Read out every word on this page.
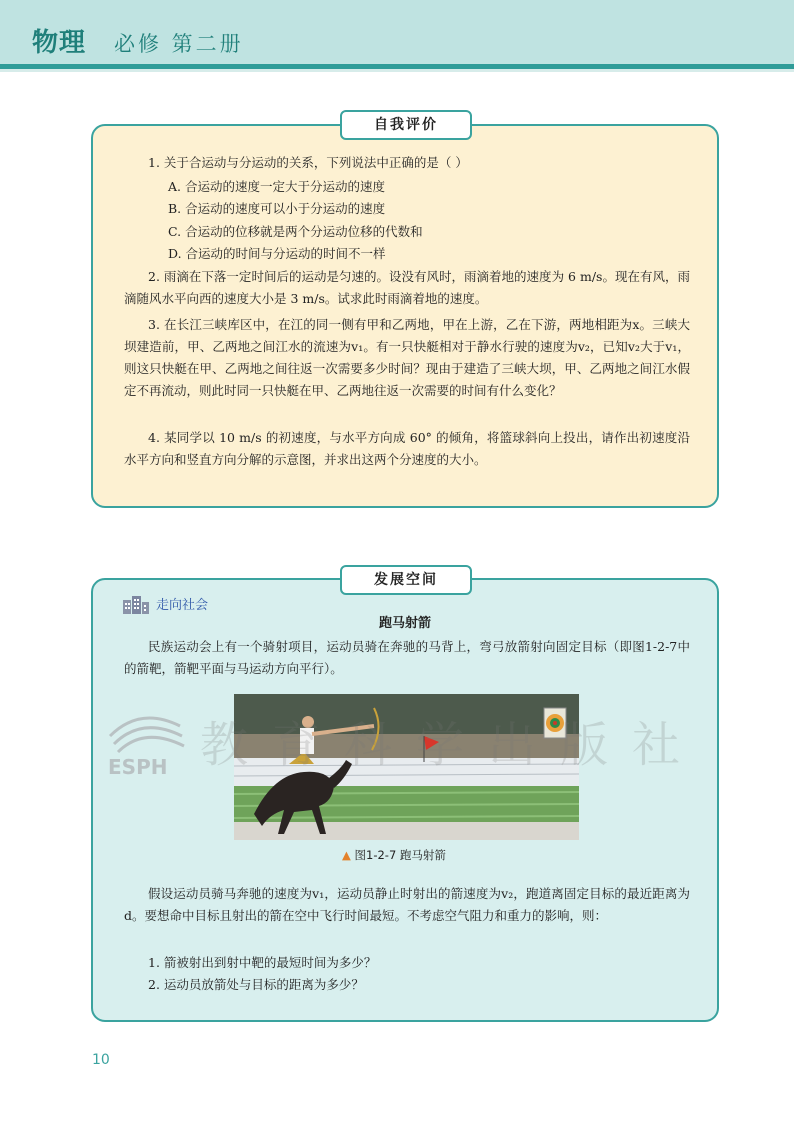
物理 必修 第二册
自我评价
1. 关于合运动与分运动的关系，下列说法中正确的是（ ）
A. 合运动的速度一定大于分运动的速度
B. 合运动的速度可以小于分运动的速度
C. 合运动的位移就是两个分运动位移的代数和
D. 合运动的时间与分运动的时间不一样
2. 雨滴在下落一定时间后的运动是匀速的。设没有风时，雨滴着地的速度为 6 m/s。现在有风，雨滴随风水平向西的速度大小是 3 m/s。试求此时雨滴着地的速度。
3. 在长江三峡库区中，在江的同一侧有甲和乙两地，甲在上游，乙在下游，两地相距为x。三峡大坝建造前，甲、乙两地之间江水的流速为v₁。有一只快艇相对于静水行驶的速度为v₂，已知v₂大于v₁，则这只快艇在甲、乙两地之间往返一次需要多少时间？现由于建造了三峡大坝，甲、乙两地之间江水假定不再流动，则此时同一只快艇在甲、乙两地往返一次需要的时间有什么变化？
4. 某同学以 10 m/s 的初速度，与水平方向成 60° 的倾角，将篮球斜向上投出，请作出初速度沿水平方向和竖直方向分解的示意图，并求出这两个分速度的大小。
发展空间
走向社会
跑马射箭
民族运动会上有一个骑射项目，运动员骑在奔驰的马背上，弯弓放箭射向固定目标（即图1-2-7中的箭靶，箭靶平面与马运动方向平行）。
ESPH 教育科学出版社
▲ 图1-2-7 跑马射箭
假设运动员骑马奔驰的速度为v₁，运动员静止时射出的箭速度为v₂，跑道离固定目标的最近距离为d。要想命中目标且射出的箭在空中飞行时间最短。不考虑空气阻力和重力的影响，则：
1. 箭被射出到射中靶的最短时间为多少？
2. 运动员放箭处与目标的距离为多少？
10
